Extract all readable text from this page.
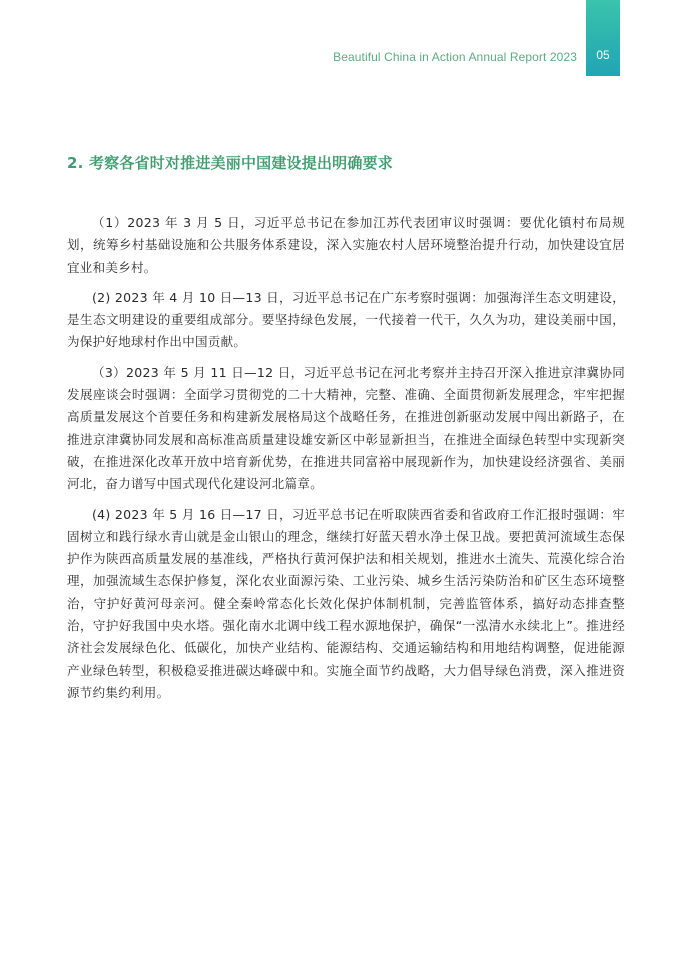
Beautiful China in Action Annual Report 2023	05
2. 考察各省时对推进美丽中国建设提出明确要求

（1）2023 年 3 月 5 日，习近平总书记在参加江苏代表团审议时强调：要优化镇村布局规划，统筹乡村基础设施和公共服务体系建设，深入实施农村人居环境整治提升行动，加快建设宜居宜业和美乡村。

(2) 2023 年 4 月 10 日—13 日，习近平总书记在广东考察时强调：加强海洋生态文明建设，是生态文明建设的重要组成部分。要坚持绿色发展，一代接着一代干，久久为功，建设美丽中国，为保护好地球村作出中国贡献。

（3）2023 年 5 月 11 日—12 日，习近平总书记在河北考察并主持召开深入推进京津冀协同发展座谈会时强调：全面学习贯彻党的二十大精神，完整、准确、全面贯彻新发展理念，牢牢把握高质量发展这个首要任务和构建新发展格局这个战略任务，在推进创新驱动发展中闯出新路子，在推进京津冀协同发展和高标准高质量建设雄安新区中彰显新担当，在推进全面绿色转型中实现新突破，在推进深化改革开放中培育新优势，在推进共同富裕中展现新作为，加快建设经济强省、美丽河北，奋力谱写中国式现代化建设河北篇章。

(4) 2023 年 5 月 16 日—17 日，习近平总书记在听取陕西省委和省政府工作汇报时强调：牢固树立和践行绿水青山就是金山银山的理念，继续打好蓝天碧水净土保卫战。要把黄河流域生态保护作为陕西高质量发展的基准线，严格执行黄河保护法和相关规划，推进水土流失、荒漠化综合治理，加强流域生态保护修复，深化农业面源污染、工业污染、城乡生活污染防治和矿区生态环境整治，守护好黄河母亲河。健全秦岭常态化长效化保护体制机制，完善监管体系，搞好动态排查整治，守护好我国中央水塔。强化南水北调中线工程水源地保护，确保“一泓清水永续北上”。推进经济社会发展绿色化、低碳化，加快产业结构、能源结构、交通运输结构和用地结构调整，促进能源产业绿色转型，积极稳妥推进碳达峰碳中和。实施全面节约战略，大力倡导绿色消费，深入推进资源节约集约利用。
